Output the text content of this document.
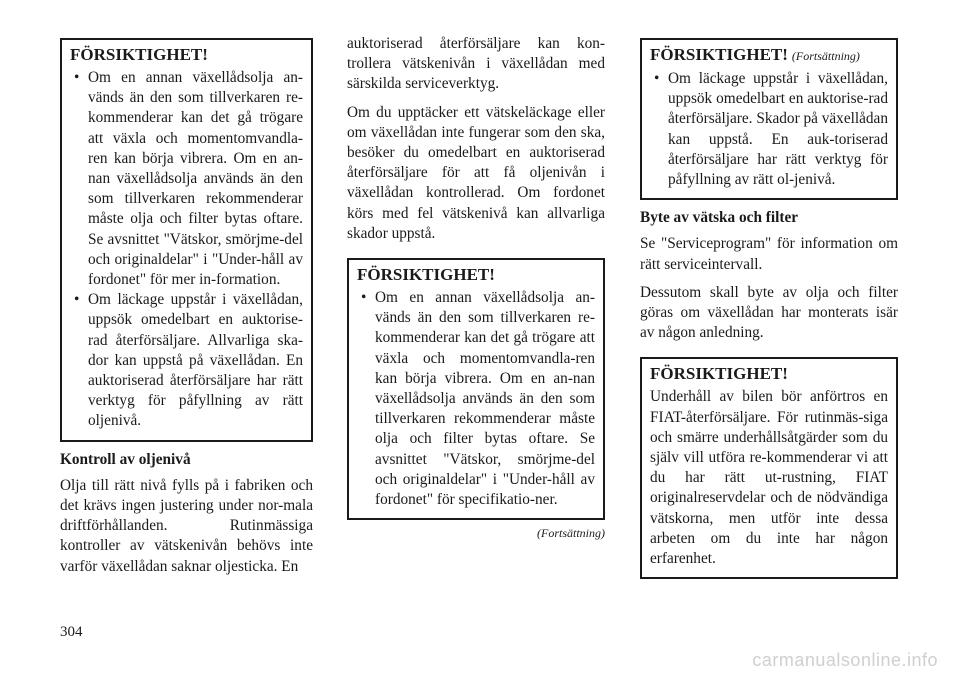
FÖRSIKTIGHET!
• Om en annan växellådsolja an-vänds än den som tillverkaren re-kommenderar kan det gå trögare att växla och momentomvandla-ren kan börja vibrera. Om en an-nan växellådsolja används än den som tillverkaren rekommenderar måste olja och filter bytas oftare. Se avsnittet "Vätskor, smörjme-del och originaldelar" i "Under-håll av fordonet" för mer in-formation.
• Om läckage uppstår i växellådan, uppsök omedelbart en auktorise-rad återförsäljare. Allvarliga ska-dor kan uppstå på växellådan. En auktoriserad återförsäljare har rätt verktyg för påfyllning av rätt oljenivå.
Kontroll av oljenivå

Olja till rätt nivå fylls på i fabriken och det krävs ingen justering under nor-mala driftförhållanden. Rutinmässiga kontroller av vätskenivån behövs inte varför växellådan saknar oljesticka. En

auktoriserad återförsäljare kan kon-trollera vätskenivån i växellådan med särskilda serviceverktyg.

Om du upptäcker ett vätskeläckage eller om växellådan inte fungerar som den ska, besöker du omedelbart en auktoriserad återförsäljare för att få oljenivån i växellådan kontrollerad. Om fordonet körs med fel vätskenivå kan allvarliga skador uppstå.

FÖRSIKTIGHET!
• Om en annan växellådsolja an-vänds än den som tillverkaren re-kommenderar kan det gå trögare att växla och momentomvandla-ren kan börja vibrera. Om en an-nan växellådsolja används än den som tillverkaren rekommenderar måste olja och filter bytas oftare. Se avsnittet "Vätskor, smörjme-del och originaldelar" i "Under-håll av fordonet" för specifikatio-ner.
(Fortsättning)
FÖRSIKTIGHET! (Fortsättning)
• Om läckage uppstår i växellådan, uppsök omedelbart en auktorise-rad återförsäljare. Skador på växellådan kan uppstå. En auk-toriserad återförsäljare har rätt verktyg för påfyllning av rätt ol-jenivå.
Byte av vätska och filter

Se "Serviceprogram" för information om rätt serviceintervall.

Dessutom skall byte av olja och filter göras om växellådan har monterats isär av någon anledning.

FÖRSIKTIGHET!

Underhåll av bilen bör anförtros en FIAT-återförsäljare. För rutinmäs-siga och smärre underhållsåtgärder som du själv vill utföra re-kommenderar vi att du har rätt ut-rustning, FIAT originalreservdelar och de nödvändiga vätskorna, men utför inte dessa arbeten om du inte har någon erfarenhet.

304
carmanualsonline.info
